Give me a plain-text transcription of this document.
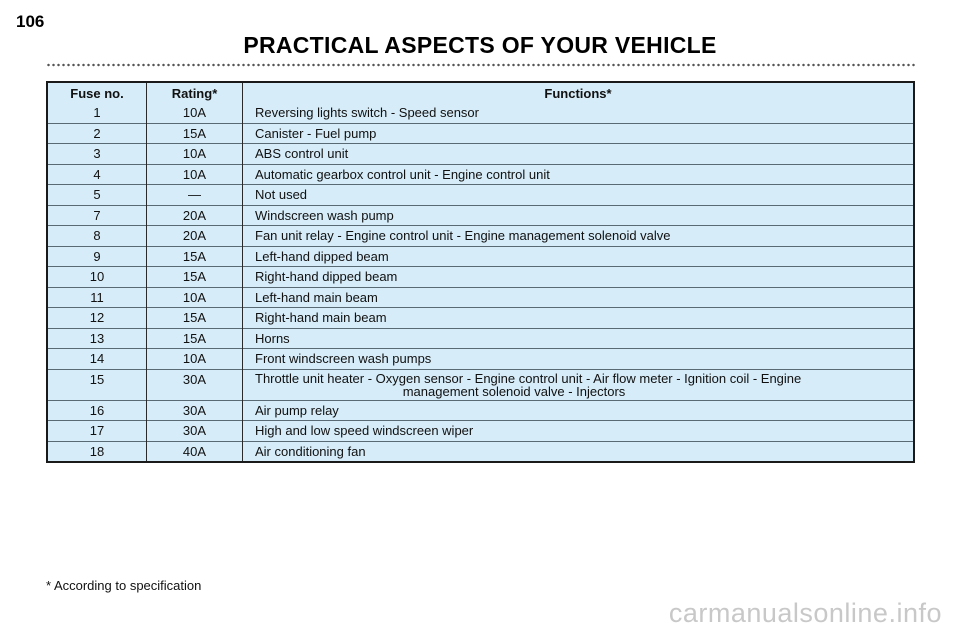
106
PRACTICAL ASPECTS OF YOUR VEHICLE
Fuse no.	Rating*	Functions*
1	10A	Reversing lights switch - Speed sensor
2	15A	Canister - Fuel pump
3	10A	ABS control unit
4	10A	Automatic gearbox control unit - Engine control unit
5	—	Not used
7	20A	Windscreen wash pump
8	20A	Fan unit relay - Engine control unit - Engine management solenoid valve
9	15A	Left-hand dipped beam
10	15A	Right-hand dipped beam
11	10A	Left-hand main beam
12	15A	Right-hand main beam
13	15A	Horns
14	10A	Front windscreen wash pumps
15	30A	Throttle unit heater - Oxygen sensor - Engine control unit - Air flow meter - Ignition coil - Engine
management solenoid valve - Injectors

16	30A	Air pump relay
17	30A	High and low speed windscreen wiper
18	40A	Air conditioning fan
* According to specification
carmanualsonline.info
